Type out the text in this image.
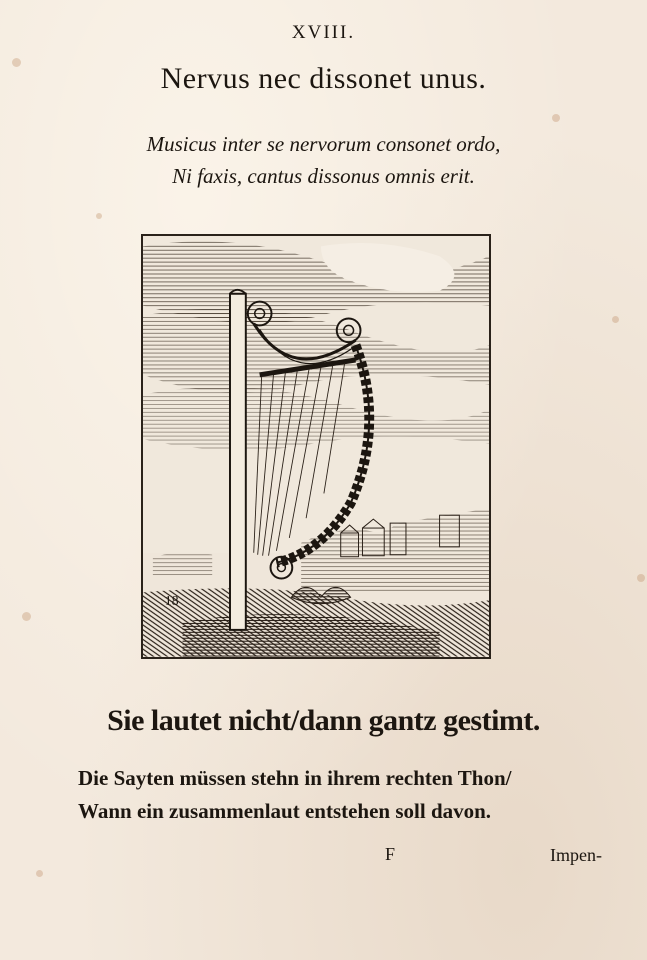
XVIII.
Nervus nec dissonet unus.
Musicus inter se nervorum consonet ordo,
Ni faxis, cantus dissonus omnis erit.
18
Sie lautet nicht/dann gantz gestimt.
Die Sayten müssen stehn in ihrem rechten Thon/
Wann ein zusammenlaut entstehen soll davon.
F	Impen-
